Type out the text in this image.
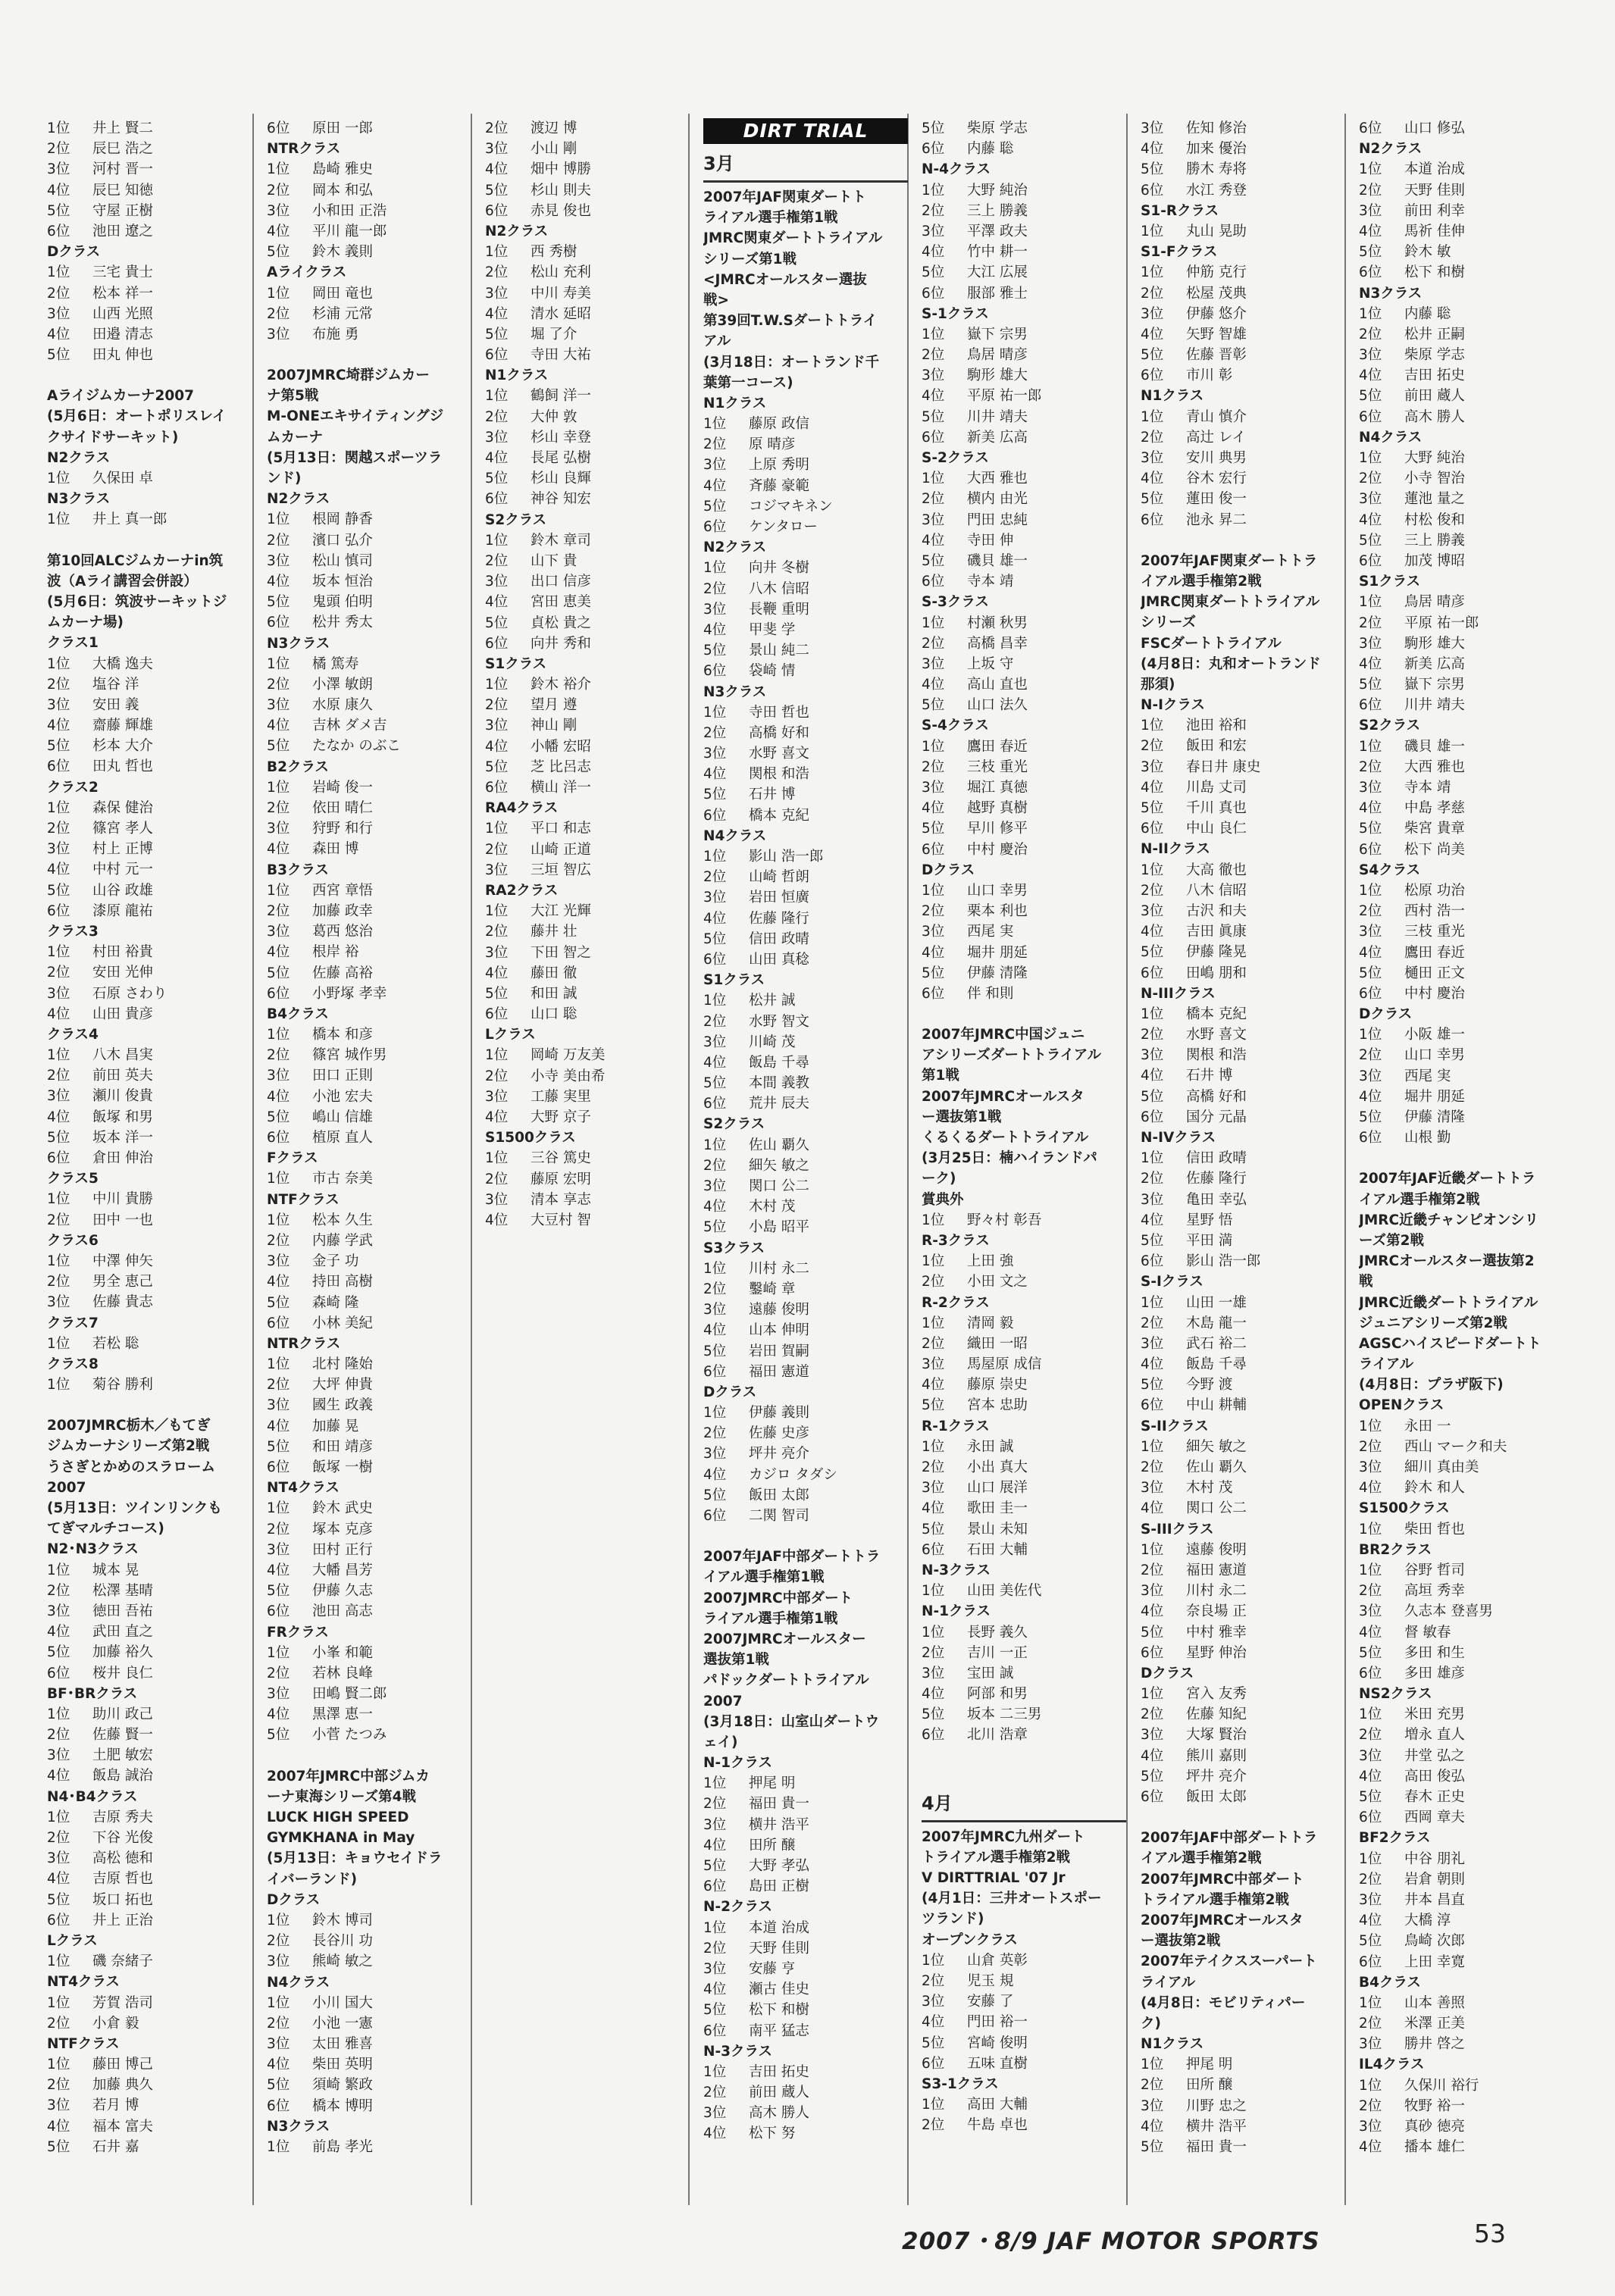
1位 井上 賢二
2位 辰巳 浩之
3位 河村 晋一
4位 辰巳 知徳
5位 守屋 正樹
6位 池田 遼之
Dクラス
1位 三宅 貴士
2位 松本 祥一
3位 山西 光照
4位 田邉 清志
5位 田丸 伸也
Aライジムカーナ2007
(5月6日：オートポリスレイ
クサイドサーキット)
N2クラス
1位 久保田 卓
N3クラス
1位 井上 真一郎
第10回ALCジムカーナin筑
波（Aライ講習会併設）
(5月6日：筑波サーキットジ
ムカーナ場)
クラス1
1位 大橋 逸夫
2位 塩谷 洋
3位 安田 義
4位 齋藤 輝雄
5位 杉本 大介
6位 田丸 哲也
クラス2
1位 森保 健治
2位 篠宮 孝人
3位 村上 正博
4位 中村 元一
5位 山谷 政雄
6位 漆原 龍祐
クラス3
1位 村田 裕貴
2位 安田 光伸
3位 石原 さわり
4位 山田 貴彦
クラス4
1位 八木 昌実
2位 前田 英夫
3位 瀬川 俊貴
4位 飯塚 和男
5位 坂本 洋一
6位 倉田 伸治
クラス5
1位 中川 貴勝
2位 田中 一也
クラス6
1位 中澤 伸矢
2位 男全 恵己
3位 佐藤 貴志
クラス7
1位 若松 聡
クラス8
1位 菊谷 勝利
2007JMRC栃木／もてぎ
ジムカーナシリーズ第2戦
うさぎとかめのスラローム
2007
(5月13日：ツインリンクも
てぎマルチコース)
N2･N3クラス
1位 城本 晃
2位 松澤 基晴
3位 徳田 吾祐
4位 武田 直之
5位 加藤 裕久
6位 桜井 良仁
BF･BRクラス
1位 助川 政己
2位 佐藤 賢一
3位 土肥 敏宏
4位 飯島 誠治
N4･B4クラス
1位 吉原 秀夫
2位 下谷 光俊
3位 高松 徳和
4位 吉原 哲也
5位 坂口 拓也
6位 井上 正治
Lクラス
1位 磯 奈緒子
NT4クラス
1位 芳賀 浩司
2位 小倉 毅
NTFクラス
1位 藤田 博己
2位 加藤 典久
3位 若月 博
4位 福本 富夫
5位 石井 嘉
6位 原田 一郎
NTRクラス
1位 島崎 雅史
2位 岡本 和弘
3位 小和田 正浩
4位 平川 龍一郎
5位 鈴木 義則
Aライクラス
1位 岡田 竜也
2位 杉浦 元常
3位 布施 勇
2007JMRC埼群ジムカー
ナ第5戦
M-ONEエキサイティングジ
ムカーナ
(5月13日：関越スポーツラ
ンド)
N2クラス
1位 根岡 静香
2位 濱口 弘介
3位 松山 慎司
4位 坂本 恒治
5位 鬼頭 伯明
6位 松井 秀太
N3クラス
1位 橘 篤寿
2位 小澤 敏朗
3位 水原 康久
4位 吉林 ダメ吉
5位 たなか のぶこ
B2クラス
1位 岩崎 俊一
2位 依田 晴仁
3位 狩野 和行
4位 森田 博
B3クラス
1位 西宮 章悟
2位 加藤 政幸
3位 葛西 悠治
4位 根岸 裕
5位 佐藤 高裕
6位 小野塚 孝幸
B4クラス
1位 橋本 和彦
2位 篠宮 城作男
3位 田口 正則
4位 小池 宏夫
5位 嶋山 信雄
6位 植原 直人
Fクラス
1位 市古 奈美
NTFクラス
1位 松本 久生
2位 内藤 学武
3位 金子 功
4位 持田 高樹
5位 森崎 隆
6位 小林 美紀
NTRクラス
1位 北村 隆始
2位 大坪 伸貴
3位 國生 政義
4位 加藤 晃
5位 和田 靖彦
6位 飯塚 一樹
NT4クラス
1位 鈴木 武史
2位 塚本 克彦
3位 田村 正行
4位 大幡 昌芳
5位 伊藤 久志
6位 池田 高志
FRクラス
1位 小峯 和範
2位 若林 良峰
3位 田嶋 賢二郎
4位 黒澤 恵一
5位 小菅 たつみ
2007年JMRC中部ジムカ
ーナ東海シリーズ第4戦
LUCK HIGH SPEED
GYMKHANA in May
(5月13日：キョウセイドラ
イバーランド)
Dクラス
1位 鈴木 博司
2位 長谷川 功
3位 熊崎 敏之
N4クラス
1位 小川 国大
2位 小池 一憲
3位 太田 雅喜
4位 柴田 英明
5位 須崎 繁政
6位 橋本 博明
N3クラス
1位 前島 孝光
2位 渡辺 博
3位 小山 剛
4位 畑中 博勝
5位 杉山 則夫
6位 赤見 俊也
N2クラス
1位 西 秀樹
2位 松山 充利
3位 中川 寿美
4位 清水 延昭
5位 堀 了介
6位 寺田 大祐
N1クラス
1位 鶴飼 洋一
2位 大仲 敦
3位 杉山 幸登
4位 長尾 弘樹
5位 杉山 良輝
6位 神谷 知宏
S2クラス
1位 鈴木 章司
2位 山下 貴
3位 出口 信彦
4位 宮田 恵美
5位 貞松 貴之
6位 向井 秀和
S1クラス
1位 鈴木 裕介
2位 望月 遵
3位 神山 剛
4位 小幡 宏昭
5位 芝 比呂志
6位 横山 洋一
RA4クラス
1位 平口 和志
2位 山崎 正道
3位 三垣 智広
RA2クラス
1位 大江 光輝
2位 藤井 壮
3位 下田 智之
4位 藤田 徹
5位 和田 誠
6位 山口 聡
Lクラス
1位 岡崎 万友美
2位 小寺 美由希
3位 工藤 実里
4位 大野 京子
S1500クラス
1位 三谷 篤史
2位 藤原 宏明
3位 清本 享志
4位 大豆村 智
DIRT TRIAL
3月
2007年JAF関東ダートト
ライアル選手権第1戦
JMRC関東ダートトライアル
シリーズ第1戦
<JMRCオールスター選抜
戦>
第39回T.W.Sダートトライ
アル
(3月18日：オートランド千
葉第一コース)
N1クラス
1位 藤原 政信
2位 原 晴彦
3位 上原 秀明
4位 斉藤 豪範
5位 コジマキネン
6位 ケンタロー
N2クラス
1位 向井 冬樹
2位 八木 信昭
3位 長鞭 重明
4位 甲斐 学
5位 景山 純二
6位 袋崎 情
N3クラス
1位 寺田 哲也
2位 高橋 好和
3位 水野 喜文
4位 関根 和浩
5位 石井 博
6位 橋本 克紀
N4クラス
1位 影山 浩一郎
2位 山崎 哲朗
3位 岩田 恒廣
4位 佐藤 隆行
5位 信田 政晴
6位 山田 真稔
S1クラス
1位 松井 誠
2位 水野 智文
3位 川崎 茂
4位 飯島 千尋
5位 本間 義教
6位 荒井 辰夫
S2クラス
1位 佐山 覇久
2位 細矢 敏之
3位 関口 公二
4位 木村 茂
5位 小島 昭平
S3クラス
1位 川村 永二
2位 鑿崎 章
3位 遠藤 俊明
4位 山本 伸明
5位 岩田 賀嗣
6位 福田 憲道
Dクラス
1位 伊藤 義則
2位 佐藤 史彦
3位 坪井 亮介
4位 カジロ タダシ
5位 飯田 太郎
6位 二関 智司
2007年JAF中部ダートトラ
イアル選手権第1戦
2007JMRC中部ダート
ライアル選手権第1戦
2007JMRCオールスター
選抜第1戦
パドックダートトライアル
2007
(3月18日：山室山ダートウ
ェイ)
N-1クラス
1位 押尾 明
2位 福田 貴一
3位 横井 浩平
4位 田所 醸
5位 大野 孝弘
6位 島田 正樹
N-2クラス
1位 本道 治成
2位 天野 佳則
3位 安藤 亨
4位 瀬古 佳史
5位 松下 和樹
6位 南平 猛志
N-3クラス
1位 吉田 拓史
2位 前田 蔵人
3位 高木 勝人
4位 松下 努
5位 柴原 学志
6位 内藤 聡
N-4クラス
1位 大野 純治
2位 三上 勝義
3位 平澤 政夫
4位 竹中 耕一
5位 大江 広展
6位 服部 雅士
S-1クラス
1位 嶽下 宗男
2位 鳥居 晴彦
3位 駒形 雄大
4位 平原 祐一郎
5位 川井 靖夫
6位 新美 広高
S-2クラス
1位 大西 雅也
2位 横内 由光
3位 門田 忠純
4位 寺田 伸
5位 磯貝 雄一
6位 寺本 靖
S-3クラス
1位 村瀬 秋男
2位 高橋 昌幸
3位 上坂 守
4位 高山 直也
5位 山口 法久
S-4クラス
1位 鷹田 春近
2位 三枝 重光
3位 堀江 真徳
4位 越野 真樹
5位 早川 修平
6位 中村 慶治
Dクラス
1位 山口 幸男
2位 栗本 利也
3位 西尾 実
4位 堀井 朋延
5位 伊藤 清隆
6位 伴 和則
2007年JMRC中国ジュニ
アシリーズダートトライアル
第1戦
2007年JMRCオールスタ
ー選抜第1戦
くるくるダートトライアル
(3月25日：楠ハイランドパ
ーク)
賞典外
1位 野々村 彰吾
R-3クラス
1位 上田 強
2位 小田 文之
R-2クラス
1位 清岡 毅
2位 織田 一昭
3位 馬屋原 成信
4位 藤原 崇史
5位 宮本 忠助
R-1クラス
1位 永田 誠
2位 小出 真大
3位 山口 展洋
4位 歌田 圭一
5位 景山 未知
6位 石田 大輔
N-3クラス
1位 山田 美佐代
N-1クラス
1位 長野 義久
2位 吉川 一正
3位 宝田 誠
4位 阿部 和男
5位 坂本 二三男
6位 北川 浩章
4月
2007年JMRC九州ダート
トライアル選手権第2戦
V DIRTTRIAL '07 Jr
(4月1日：三井オートスポー
ツランド)
オープンクラス
1位 山倉 英彰
2位 児玉 規
3位 安藤 了
4位 門田 裕一
5位 宮崎 俊明
6位 五味 直樹
S3-1クラス
1位 高田 大輔
2位 牛島 卓也
3位 佐知 修治
4位 加来 優治
5位 勝木 寿将
6位 水江 秀登
S1-Rクラス
1位 丸山 晃助
S1-Fクラス
1位 仲筋 克行
2位 松屋 茂典
3位 伊藤 悠介
4位 矢野 智雄
5位 佐藤 晋彰
6位 市川 彰
N1クラス
1位 青山 慎介
2位 高辻 レイ
3位 安川 典男
4位 谷木 宏行
5位 蓮田 俊一
6位 池永 昇二
2007年JAF関東ダートトラ
イアル選手権第2戦
JMRC関東ダートトライアル
シリーズ
FSCダートトライアル
(4月8日：丸和オートランド
那須)
N-Iクラス
1位 池田 裕和
2位 飯田 和宏
3位 春日井 康史
4位 川島 丈司
5位 千川 真也
6位 中山 良仁
N-IIクラス
1位 大高 徹也
2位 八木 信昭
3位 古沢 和夫
4位 吉田 眞康
5位 伊藤 隆晃
6位 田嶋 朋和
N-IIIクラス
1位 橋本 克紀
2位 水野 喜文
3位 関根 和浩
4位 石井 博
5位 高橋 好和
6位 国分 元晶
N-IVクラス
1位 信田 政晴
2位 佐藤 隆行
3位 亀田 幸弘
4位 星野 悟
5位 平田 満
6位 影山 浩一郎
S-Iクラス
1位 山田 一雄
2位 木島 龍一
3位 武石 裕二
4位 飯島 千尋
5位 今野 渡
6位 中山 耕輔
S-IIクラス
1位 細矢 敏之
2位 佐山 覇久
3位 木村 茂
4位 関口 公二
S-IIIクラス
1位 遠藤 俊明
2位 福田 憲道
3位 川村 永二
4位 奈良場 正
5位 中村 雅幸
6位 星野 伸治
Dクラス
1位 宮入 友秀
2位 佐藤 知紀
3位 大塚 賢治
4位 熊川 嘉則
5位 坪井 亮介
6位 飯田 太郎
2007年JAF中部ダートトラ
イアル選手権第2戦
2007年JMRC中部ダート
トライアル選手権第2戦
2007年JMRCオールスタ
ー選抜第2戦
2007年テイクススーパート
ライアル
(4月8日：モビリティパー
ク)
N1クラス
1位 押尾 明
2位 田所 醸
3位 川野 忠之
4位 横井 浩平
5位 福田 貴一
6位 山口 修弘
N2クラス
1位 本道 治成
2位 天野 佳則
3位 前田 利幸
4位 馬祈 佳伸
5位 鈴木 敏
6位 松下 和樹
N3クラス
1位 内藤 聡
2位 松井 正嗣
3位 柴原 学志
4位 吉田 拓史
5位 前田 蔵人
6位 高木 勝人
N4クラス
1位 大野 純治
2位 小寺 智治
3位 蓮池 量之
4位 村松 俊和
5位 三上 勝義
6位 加茂 博昭
S1クラス
1位 鳥居 晴彦
2位 平原 祐一郎
3位 駒形 雄大
4位 新美 広高
5位 嶽下 宗男
6位 川井 靖夫
S2クラス
1位 磯貝 雄一
2位 大西 雅也
3位 寺本 靖
4位 中島 孝慈
5位 柴宮 貴章
6位 松下 尚美
S4クラス
1位 松原 功治
2位 西村 浩一
3位 三枝 重光
4位 鷹田 春近
5位 樋田 正文
6位 中村 慶治
Dクラス
1位 小阪 雄一
2位 山口 幸男
3位 西尾 実
4位 堀井 朋延
5位 伊藤 清隆
6位 山根 勤
2007年JAF近畿ダートトラ
イアル選手権第2戦
JMRC近畿チャンピオンシリ
ーズ第2戦
JMRCオールスター選抜第2
戦
JMRC近畿ダートトライアル
ジュニアシリーズ第2戦
AGSCハイスピードダートト
ライアル
(4月8日：プラザ阪下)
OPENクラス
1位 永田 一
2位 西山 マーク和夫
3位 細川 真由美
4位 鈴木 和人
S1500クラス
1位 柴田 哲也
BR2クラス
1位 谷野 哲司
2位 高垣 秀幸
3位 久志本 登喜男
4位 督 敏春
5位 多田 和生
6位 多田 雄彦
NS2クラス
1位 米田 充男
2位 増永 直人
3位 井堂 弘之
4位 高田 俊弘
5位 春木 正史
6位 西岡 章夫
BF2クラス
1位 中谷 朋礼
2位 岩倉 朝則
3位 井本 昌直
4位 大橋 淳
5位 鳥崎 次郎
6位 上田 幸寛
B4クラス
1位 山本 善照
2位 米澤 正美
3位 勝井 啓之
IL4クラス
1位 久保川 裕行
2位 牧野 裕一
3位 真砂 徳亮
4位 播本 雄仁
2007・8/9 JAF MOTOR SPORTS	53
